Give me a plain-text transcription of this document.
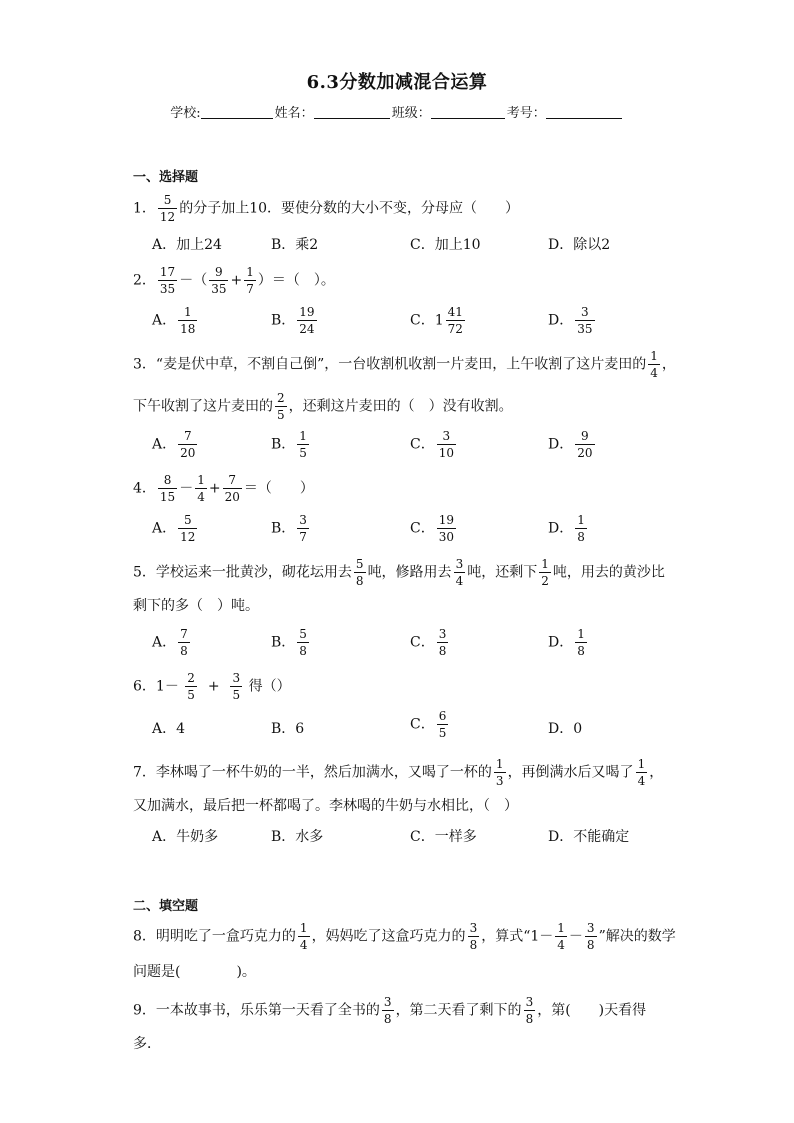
6.3分数加减混合运算
学校:	姓名：	班级：	考号：
一、选择题
1． $\frac{5}{12}$ 的分子加上10．要使分数的大小不变，分母应（　　）
A．加上24	B．乘2	C．加上10	D．除以2
2． $\frac{17}{35}$ －（ $\frac{9}{35} + \frac{1}{7}$ ）＝（　）。
A． $\frac{1}{18}$	B． $\frac{19}{24}$	C．$1 \frac{41}{72}$	D． $\frac{3}{35}$
3．“麦是伏中草，不割自己倒”，一台收割机收割一片麦田，上午收割了这片麦田的 $\frac{1}{4}$ ，
下午收割了这片麦田的 $\frac{2}{5}$ ，还剩这片麦田的（　）没有收割。
A． $\frac{7}{20}$	B． $\frac{1}{5}$	C． $\frac{3}{10}$	D． $\frac{9}{20}$
4． $\frac{8}{15} - \frac{1}{4} + \frac{7}{20}$ ＝（　　）
A． $\frac{5}{12}$	B． $\frac{3}{7}$	C． $\frac{19}{30}$	D． $\frac{1}{8}$
5．学校运来一批黄沙，砌花坛用去 $\frac{5}{8}$ 吨，修路用去 $\frac{3}{4}$ 吨，还剩下 $\frac{1}{2}$ 吨，用去的黄沙比
剩下的多（　）吨。
A． $\frac{7}{8}$	B． $\frac{5}{8}$	C． $\frac{3}{8}$	D． $\frac{1}{8}$
6．$1- \frac{2}{5} + \frac{3}{5}$ 得（）
A．4	B．6	C． $\frac{6}{5}$	D．0
7．李林喝了一杯牛奶的一半，然后加满水，又喝了一杯的 $\frac{1}{3}$ ，再倒满水后又喝了 $\frac{1}{4}$ ，
又加满水，最后把一杯都喝了。李林喝的牛奶与水相比，（　）
A．牛奶多	B．水多	C．一样多	D．不能确定
二、填空题
8．明明吃了一盒巧克力的 $\frac{1}{4}$ ，妈妈吃了这盒巧克力的 $\frac{3}{8}$ ，算式“$1- \frac{1}{4} - \frac{3}{8}$ ”解决的数学
问题是(　　　　)。
9．一本故事书，乐乐第一天看了全书的 $\frac{3}{8}$ ，第二天看了剩下的 $\frac{3}{8}$ ，第(　　)天看得
多．
